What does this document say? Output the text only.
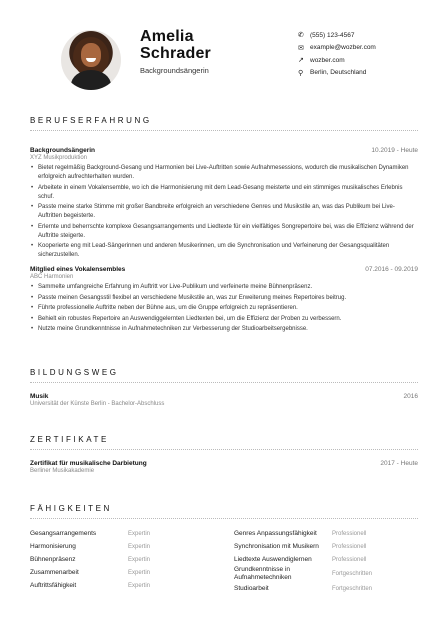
Amelia
Schrader
Backgroundsängerin
✆ (555) 123-4567
✉ example@wozber.com
↗ wozber.com
⚲	Berlin, Deutschland
BERUFSERFAHRUNG
Backgroundsängerin	10.2019 - Heute
XYZ Musikproduktion
• Bietet regelmäßig Background-Gesang und Harmonien bei Live-Auftritten sowie Aufnahmesessions, wodurch die musikalischen Dynamiken erfolgreich aufrechterhalten wurden.
• Arbeitete in einem Vokalensemble, wo ich die Harmonisierung mit dem Lead-Gesang meisterte und ein stimmiges musikalisches Erlebnis schuf.
• Passte meine starke Stimme mit großer Bandbreite erfolgreich an verschiedene Genres und Musikstile an, was das Publikum bei Live-Auftritten begeisterte.
• Erlernte und beherrschte komplexe Gesangsarrangements und Liedtexte für ein vielfältiges Songrepertoire bei, was die Effizienz während der Auftritte steigerte.
• Kooperierte eng mit Lead-Sängerinnen und anderen Musikerinnen, um die Synchronisation und Verfeinerung der Gesangsqualitäten sicherzustellen.
Mitglied eines Vokalensembles	07.2016 - 09.2019
ABC Harmonien
• Sammelte umfangreiche Erfahrung im Auftritt vor Live-Publikum und verfeinerte meine Bühnenpräsenz.
• Passte meinen Gesangsstil flexibel an verschiedene Musikstile an, was zur Erweiterung meines Repertoires beitrug.
• Führte professionelle Auftritte neben der Bühne aus, um die Gruppe erfolgreich zu repräsentieren.
• Behielt ein robustes Repertoire an Auswendiggelernten Liedtexten bei, um die Effizienz der Proben zu verbessern.
• Nutzte meine Grundkenntnisse in Aufnahmetechniken zur Verbesserung der Studioarbeitsergebnisse.
BILDUNGSWEG
Musik	2016
Universität der Künste Berlin - Bachelor-Abschluss
ZERTIFIKATE
Zertifikat für musikalische Darbietung	2017 - Heute
Berliner Musikakademie
FÄHIGKEITEN
Gesangsarrangements	Expertin
Harmonisierung	Expertin
Bühnenpräsenz	Expertin
Zusammenarbeit	Expertin
Auftrittsfähigkeit	Expertin
Genres Anpassungsfähigkeit	Professionell
Synchronisation mit Musikern	Professionell
Liedtexte Auswendiglernen	Professionell
Grundkenntnisse in Aufnahmetechniken	Fortgeschritten
Studioarbeit	Fortgeschritten
